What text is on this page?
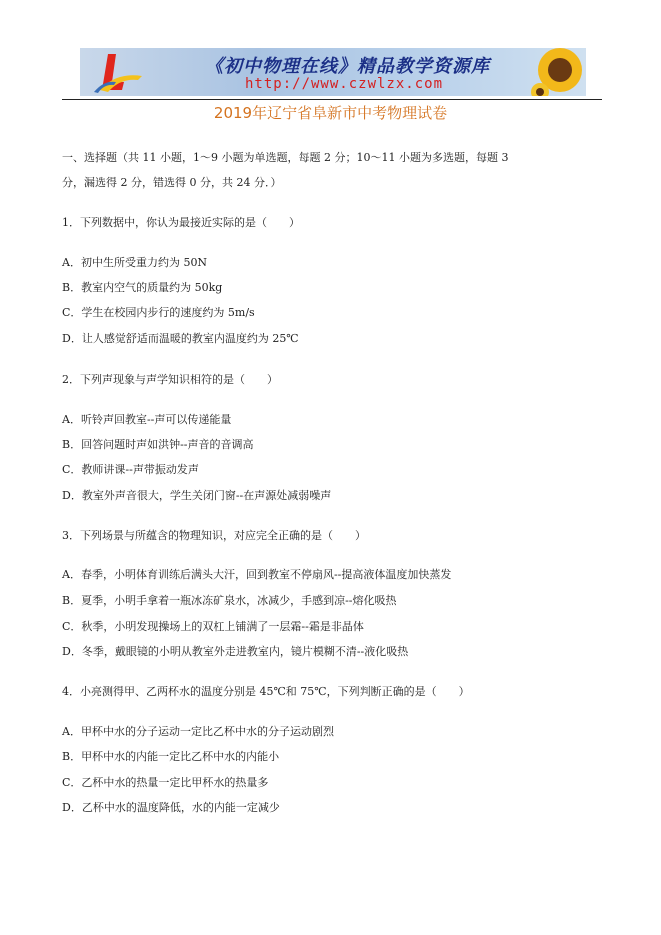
《初中物理在线》精品教学资源库
http://www.czwlzx.com
2019年辽宁省阜新市中考物理试卷
一、选择题（共 11 小题，1～9 小题为单选题，每题 2 分；10～11 小题为多选题，每题 3
分，漏选得 2 分，错选得 0 分，共 24 分．）
1．下列数据中，你认为最接近实际的是（　　）
A．初中生所受重力约为 50N
B．教室内空气的质量约为 50kg
C．学生在校园内步行的速度约为 5m/s
D．让人感觉舒适而温暖的教室内温度约为 25℃
2．下列声现象与声学知识相符的是（　　）
A．听铃声回教室--声可以传递能量
B．回答问题时声如洪钟--声音的音调高
C．教师讲课--声带振动发声
D．教室外声音很大，学生关闭门窗--在声源处减弱噪声
3．下列场景与所蕴含的物理知识，对应完全正确的是（　　）
A．春季，小明体育训练后满头大汗，回到教室不停扇风--提高液体温度加快蒸发
B．夏季，小明手拿着一瓶冰冻矿泉水，冰减少，手感到凉--熔化吸热
C．秋季，小明发现操场上的双杠上铺满了一层霜--霜是非晶体
D．冬季，戴眼镜的小明从教室外走进教室内，镜片模糊不清--液化吸热
4．小亮测得甲、乙两杯水的温度分别是 45℃和 75℃，下列判断正确的是（　　）
A．甲杯中水的分子运动一定比乙杯中水的分子运动剧烈
B．甲杯中水的内能一定比乙杯中水的内能小
C．乙杯中水的热量一定比甲杯水的热量多
D．乙杯中水的温度降低，水的内能一定减少
